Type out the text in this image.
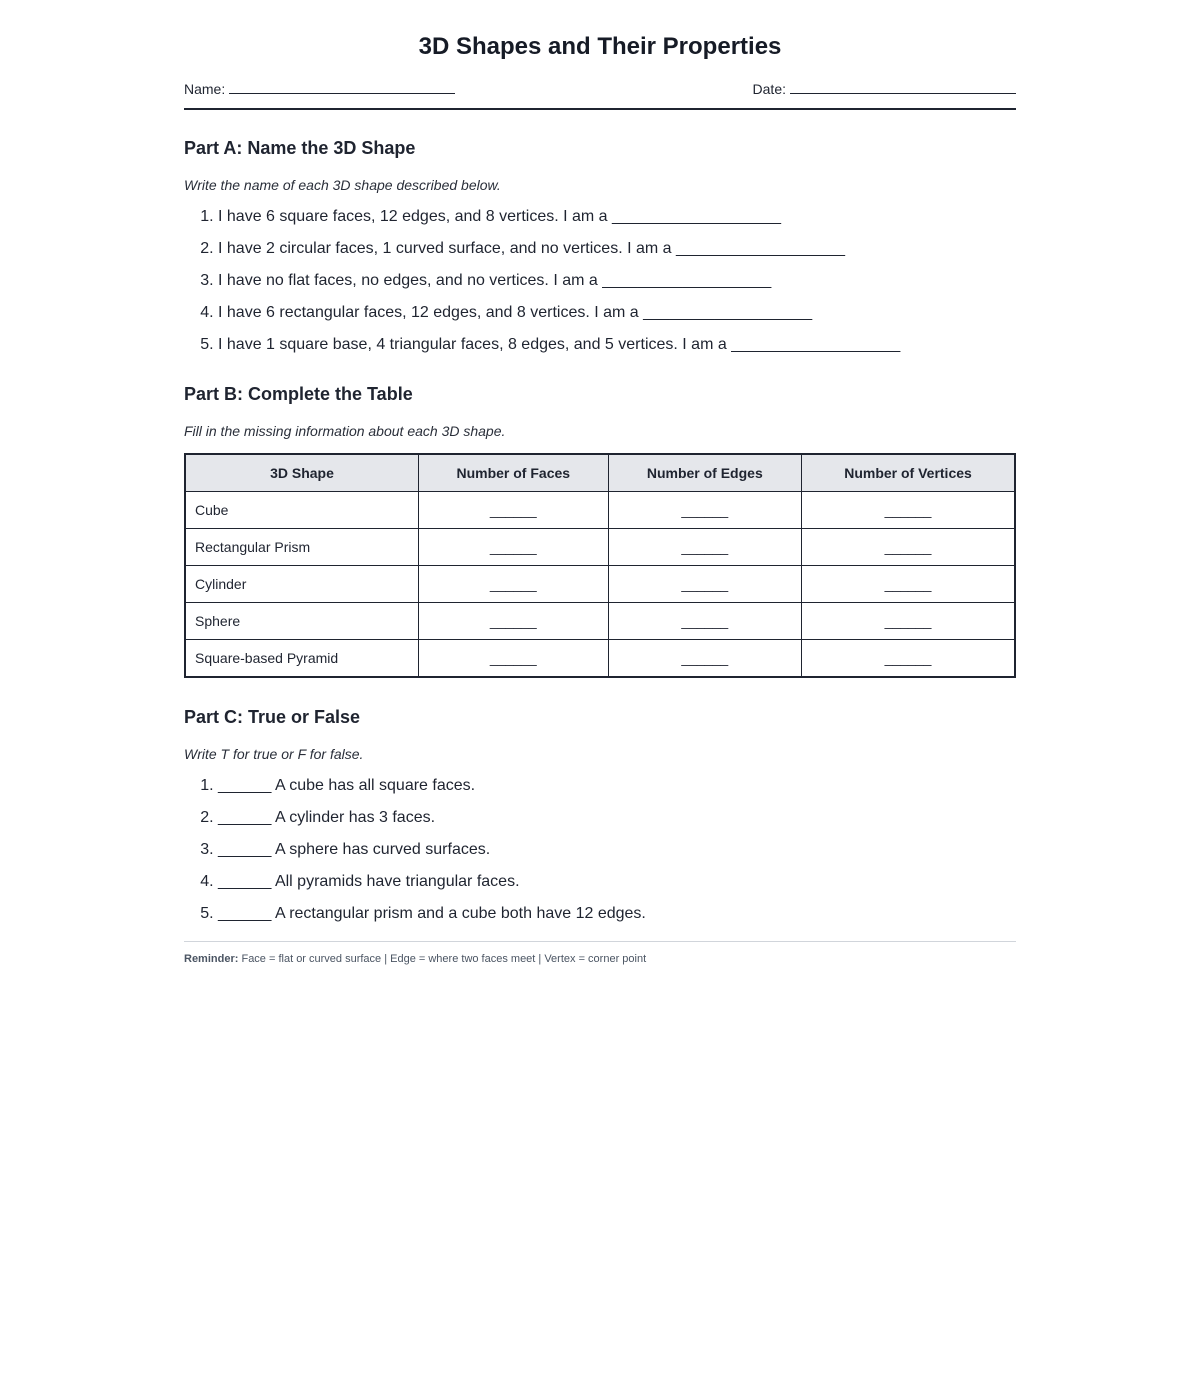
3D Shapes and Their Properties
Name:	Date:
Part A: Name the 3D Shape
Write the name of each 3D shape described below.
1. I have 6 square faces, 12 edges, and 8 vertices. I am a ___________________
2. I have 2 circular faces, 1 curved surface, and no vertices. I am a ___________________
3. I have no flat faces, no edges, and no vertices. I am a ___________________
4. I have 6 rectangular faces, 12 edges, and 8 vertices. I am a ___________________
5. I have 1 square base, 4 triangular faces, 8 edges, and 5 vertices. I am a ___________________
Part B: Complete the Table
Fill in the missing information about each 3D shape.
3D Shape	Number of Faces	Number of Edges	Number of Vertices
Cube	______	______	______
Rectangular Prism	______	______	______
Cylinder	______	______	______
Sphere	______	______	______
Square-based Pyramid	______	______	______
Part C: True or False
Write T for true or F for false.
1. ______ A cube has all square faces.
2. ______ A cylinder has 3 faces.
3. ______ A sphere has curved surfaces.
4. ______ All pyramids have triangular faces.
5. ______ A rectangular prism and a cube both have 12 edges.
Reminder: Face = flat or curved surface | Edge = where two faces meet | Vertex = corner point
